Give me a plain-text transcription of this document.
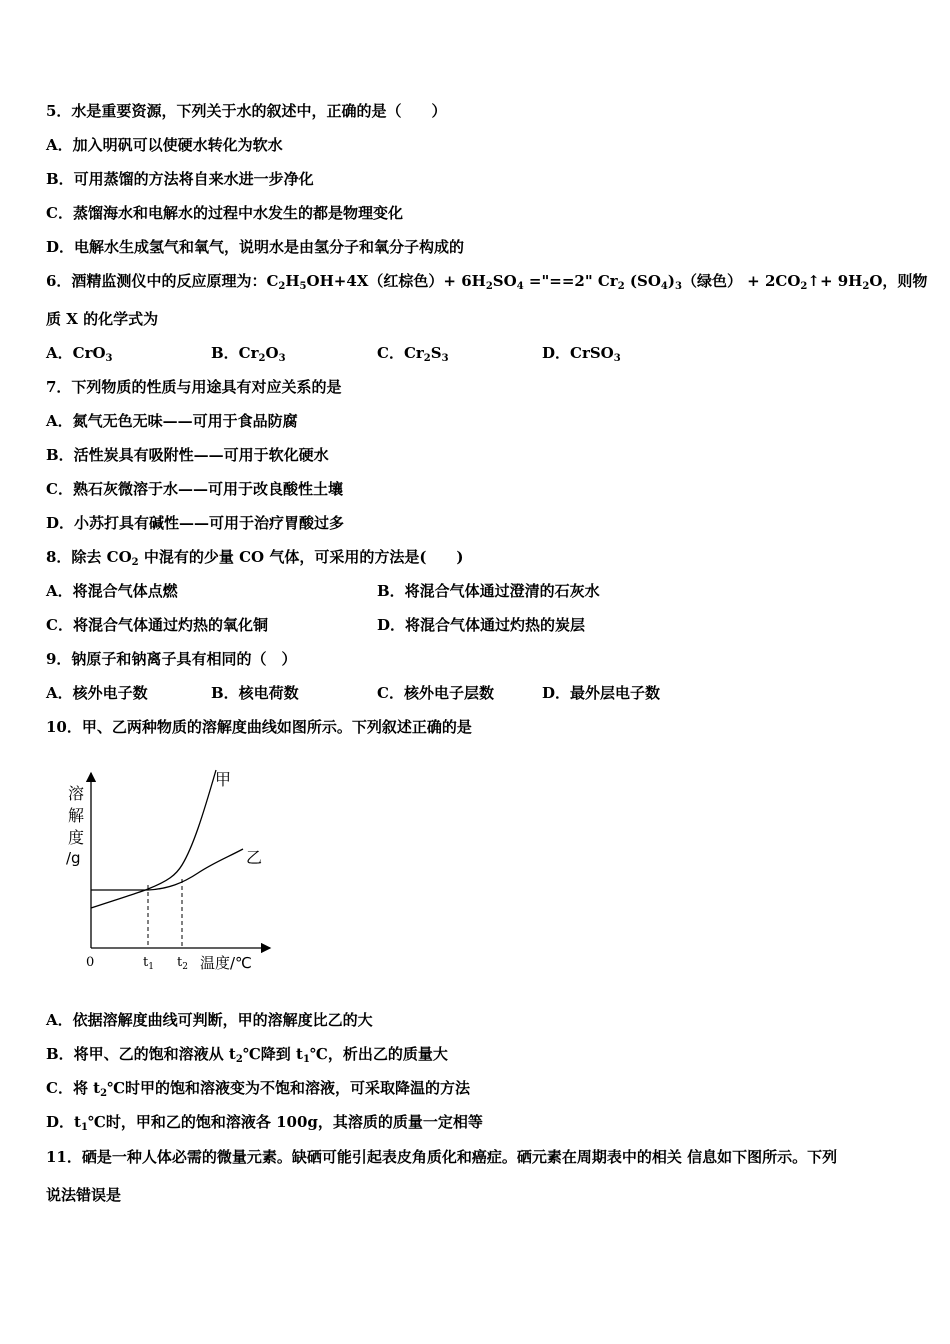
5．水是重要资源，下列关于水的叙述中，正确的是（　　）
A．加入明矾可以使硬水转化为软水
B．可用蒸馏的方法将自来水进一步净化
C．蒸馏海水和电解水的过程中水发生的都是物理变化
D．电解水生成氢气和氧气，说明水是由氢分子和氧分子构成的
6．酒精监测仪中的反应原理为：$C_2H_5OH+4X$（红棕色）+ $6H_2SO_4$ ="==2" $Cr_2$ $(SO_4)_3$（绿色） + $2CO_2↑+ 9H_2O$，则物
质 X 的化学式为
A．CrO$_3$	B．$Cr_2O_3$	C．$Cr_2S_3$	D．CrSO$_3$
7．下列物质的性质与用途具有对应关系的是
A．氮气无色无味——可用于食品防腐
B．活性炭具有吸附性——可用于软化硬水
C．熟石灰微溶于水——可用于改良酸性土壤
D．小苏打具有碱性——可用于治疗胃酸过多
8．除去 $CO_2$ 中混有的少量 CO 气体，可采用的方法是(　　)
A．将混合气体点燃	B．将混合气体通过澄清的石灰水
C．将混合气体通过灼热的氧化铜	D．将混合气体通过灼热的炭层
9．钠原子和钠离子具有相同的（　）
A．核外电子数	B．核电荷数	C．核外电子层数	D．最外层电子数
10．甲、乙两种物质的溶解度曲线如图所示。下列叙述正确的是
溶
解
度
/g
甲
乙
温度/℃
0	$t_1$ $t_2$
A．依据溶解度曲线可判断，甲的溶解度比乙的大
B．将甲、乙的饱和溶液从 $t_2℃$降到 $t_1℃$，析出乙的质量大
C．将 $t_2℃$时甲的饱和溶液变为不饱和溶液，可采取降温的方法
D．$t_1℃$时，甲和乙的饱和溶液各 100g，其溶质的质量一定相等
11．硒是一种人体必需的微量元素。缺硒可能引起表皮角质化和癌症。硒元素在周期表中的相关 信息如下图所示。下列
说法错误是
